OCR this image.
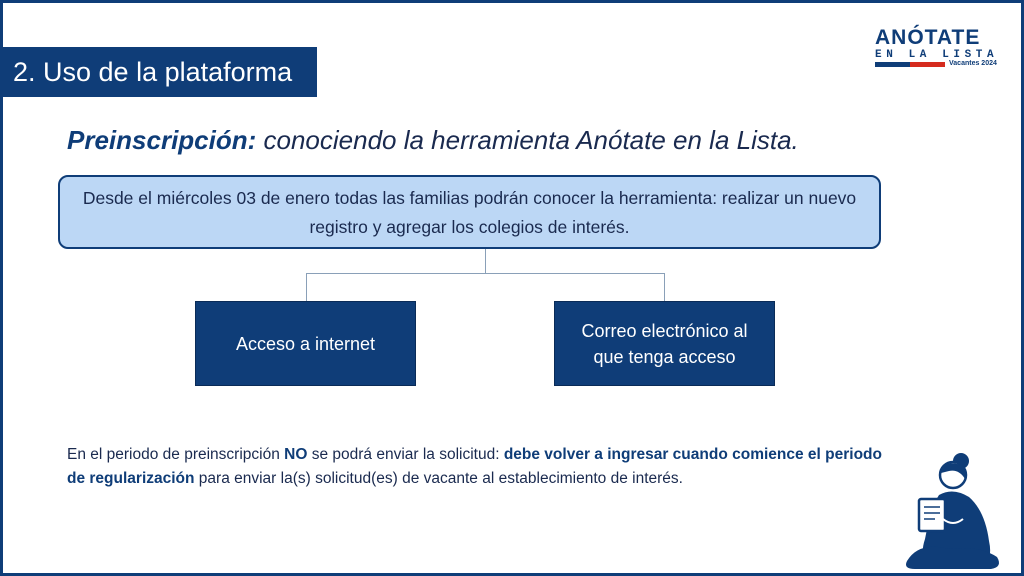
2. Uso de la plataforma
ANÓTATE
EN LA LISTA
Vacantes 2024
Preinscripción: conociendo la herramienta Anótate en la Lista.
Desde el miércoles 03 de enero todas las familias podrán conocer la herramienta: realizar un nuevo registro y agregar los colegios de interés.
Acceso a internet
Correo electrónico al que tenga acceso
En el periodo de preinscripción NO se podrá enviar la solicitud: debe volver a ingresar cuando comience el periodo de regularización para enviar la(s) solicitud(es) de vacante al establecimiento de interés.
